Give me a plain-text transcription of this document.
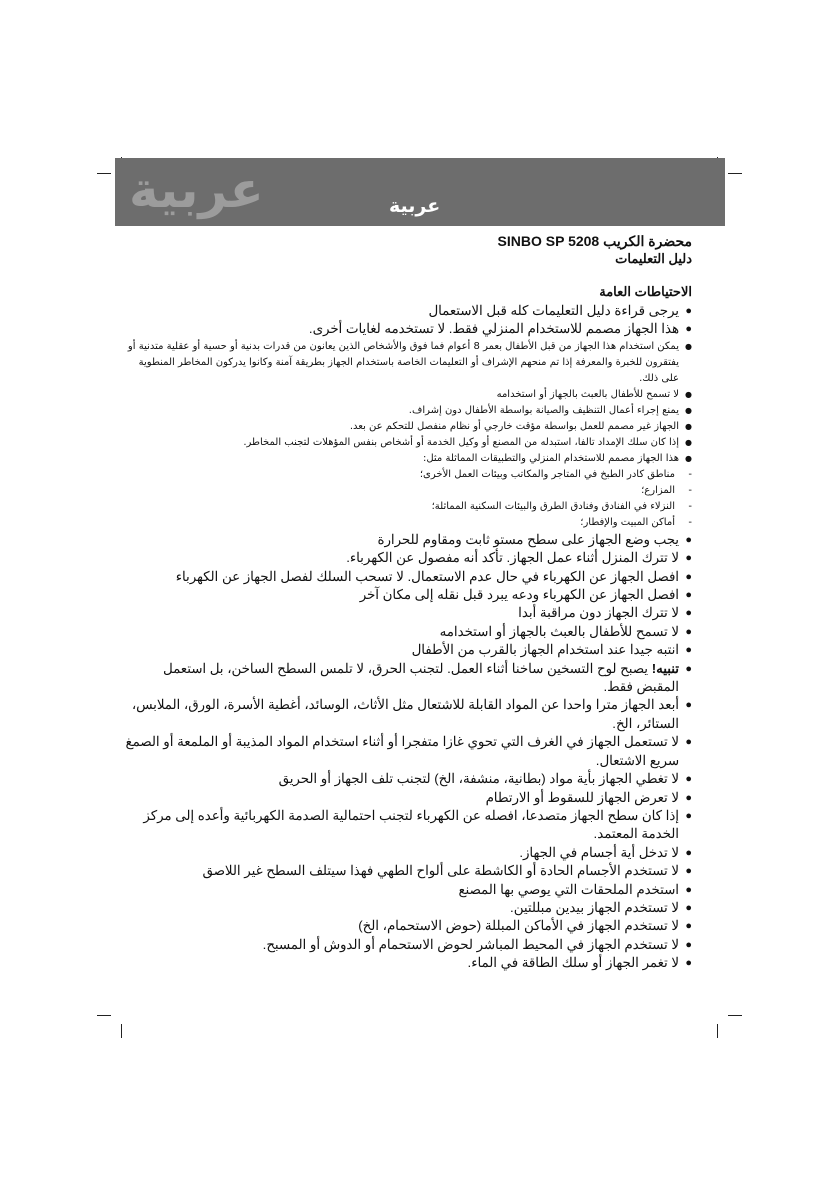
عربية	عربية
محضرة الكريب SINBO SP 5208
دليل التعليمات
الاحتياطات العامة
● يرجى قراءة دليل التعليمات كله قبل الاستعمال
● هذا الجهاز مصمم للاستخدام المنزلي فقط. لا تستخدمه لغايات أخرى.
● يمكن استخدام هذا الجهاز من قبل الأطفال بعمر 8 أعوام فما فوق والأشخاص الذين يعانون من قدرات بدنية أو حسية أو عقلية متدنية أو يفتقرون للخبرة والمعرفة إذا تم منحهم الإشراف أو التعليمات الخاصة باستخدام الجهاز بطريقة آمنة وكانوا يدركون المخاطر المنطوية على ذلك.
● لا تسمح للأطفال بالعبث بالجهاز أو استخدامه
● يمنع إجراء أعمال التنظيف والصيانة بواسطة الأطفال دون إشراف.
● الجهاز غير مصمم للعمل بواسطة مؤقت خارجي أو نظام منفصل للتحكم عن بعد.
● إذا كان سلك الإمداد تالفا، استبدله من المصنع أو وكيل الخدمة أو أشخاص بنفس المؤهلات لتجنب المخاطر.
● هذا الجهاز مصمم للاستخدام المنزلي والتطبيقات المماثلة مثل:
- مناطق كادر الطبخ في المتاجر والمكاتب وبيئات العمل الأخرى؛
- المزارع؛
- النزلاء في الفنادق وفنادق الطرق والبيئات السكنية المماثلة؛
- أماكن المبيت والإفطار؛
● يجب وضع الجهاز على سطح مستو ثابت ومقاوم للحرارة
● لا تترك المنزل أثناء عمل الجهاز. تأكد أنه مفصول عن الكهرباء.
● افصل الجهاز عن الكهرباء في حال عدم الاستعمال. لا تسحب السلك لفصل الجهاز عن الكهرباء
● افصل الجهاز عن الكهرباء ودعه يبرد قبل نقله إلى مكان آخر
● لا تترك الجهاز دون مراقبة أبدا
● لا تسمح للأطفال بالعبث بالجهاز أو استخدامه
● انتبه جيدا عند استخدام الجهاز بالقرب من الأطفال
● تنبيه! يصبح لوح التسخين ساخنا أثناء العمل. لتجنب الحرق، لا تلمس السطح الساخن، بل استعمل المقبض فقط.
● أبعد الجهاز مترا واحدا عن المواد القابلة للاشتعال مثل الأثاث، الوسائد، أغطية الأسرة، الورق، الملابس، الستائر، الخ.
● لا تستعمل الجهاز في الغرف التي تحوي غازا متفجرا أو أثناء استخدام المواد المذيبة أو الملمعة أو الصمغ سريع الاشتعال.
● لا تغطي الجهاز بأية مواد (بطانية، منشفة، الخ) لتجنب تلف الجهاز أو الحريق
● لا تعرض الجهاز للسقوط أو الارتطام
● إذا كان سطح الجهاز متصدعا، افصله عن الكهرباء لتجنب احتمالية الصدمة الكهربائية وأعده إلى مركز الخدمة المعتمد.
● لا تدخل أية أجسام في الجهاز.
● لا تستخدم الأجسام الحادة أو الكاشطة على ألواح الطهي فهذا سيتلف السطح غير اللاصق
● استخدم الملحقات التي يوصي بها المصنع
● لا تستخدم الجهاز بيدين مبللتين.
● لا تستخدم الجهاز في الأماكن المبللة (حوض الاستحمام، الخ)
● لا تستخدم الجهاز في المحيط المباشر لحوض الاستحمام أو الدوش أو المسبح.
● لا تغمر الجهاز أو سلك الطاقة في الماء.
